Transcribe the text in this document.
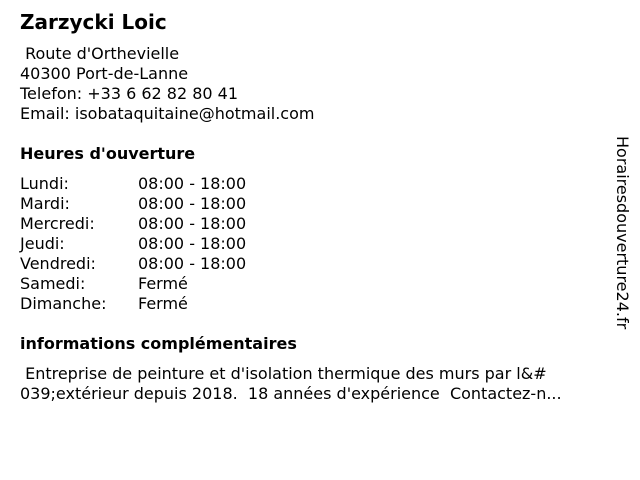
Zarzycki Loic
Route d'Orthevielle
40300 Port-de-Lanne
Telefon: +33 6 62 82 80 41
Email: isobataquitaine@hotmail.com
Heures d'ouverture
Lundi:	08:00 - 18:00
Mardi:	08:00 - 18:00
Mercredi:	08:00 - 18:00
Jeudi:	08:00 - 18:00
Vendredi:	08:00 - 18:00
Samedi:	Fermé
Dimanche:	Fermé
informations complémentaires
Entreprise de peinture et d'isolation thermique des murs par l&#
039;extérieur depuis 2018.  18 années d'expérience  Contactez-n...
Horairesdouverture24.fr
